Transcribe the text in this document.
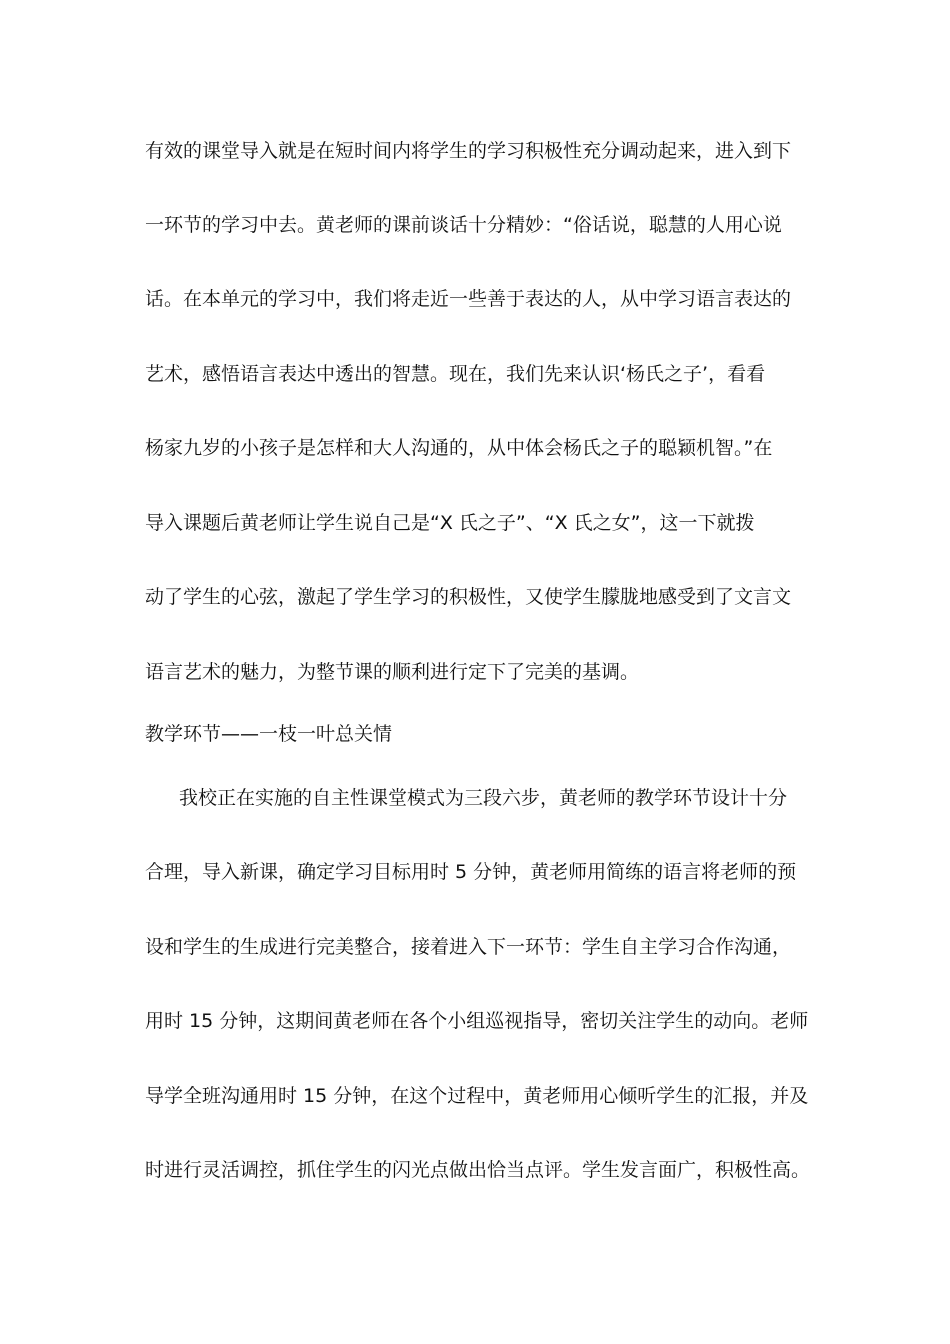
有效的课堂导入就是在短时间内将学生的学习积极性充分调动起来，进入到下
一环节的学习中去。黄老师的课前谈话十分精妙：“俗话说，聪慧的人用心说
话。在本单元的学习中，我们将走近一些善于表达的人，从中学习语言表达的
艺术，感悟语言表达中透出的智慧。现在，我们先来认识‘杨氏之子’，看看
杨家九岁的小孩子是怎样和大人沟通的，从中体会杨氏之子的聪颖机智。”在
导入课题后黄老师让学生说自己是“X 氏之子”、“X 氏之女”，这一下就拨
动了学生的心弦，激起了学生学习的积极性，又使学生朦胧地感受到了文言文
语言艺术的魅力，为整节课的顺利进行定下了完美的基调。
教学环节——一枝一叶总关情
我校正在实施的自主性课堂模式为三段六步，黄老师的教学环节设计十分
合理，导入新课，确定学习目标用时 5 分钟，黄老师用简练的语言将老师的预
设和学生的生成进行完美整合，接着进入下一环节：学生自主学习合作沟通，
用时 15 分钟，这期间黄老师在各个小组巡视指导，密切关注学生的动向。老师
导学全班沟通用时 15 分钟，在这个过程中，黄老师用心倾听学生的汇报，并及
时进行灵活调控，抓住学生的闪光点做出恰当点评。学生发言面广，积极性高。
